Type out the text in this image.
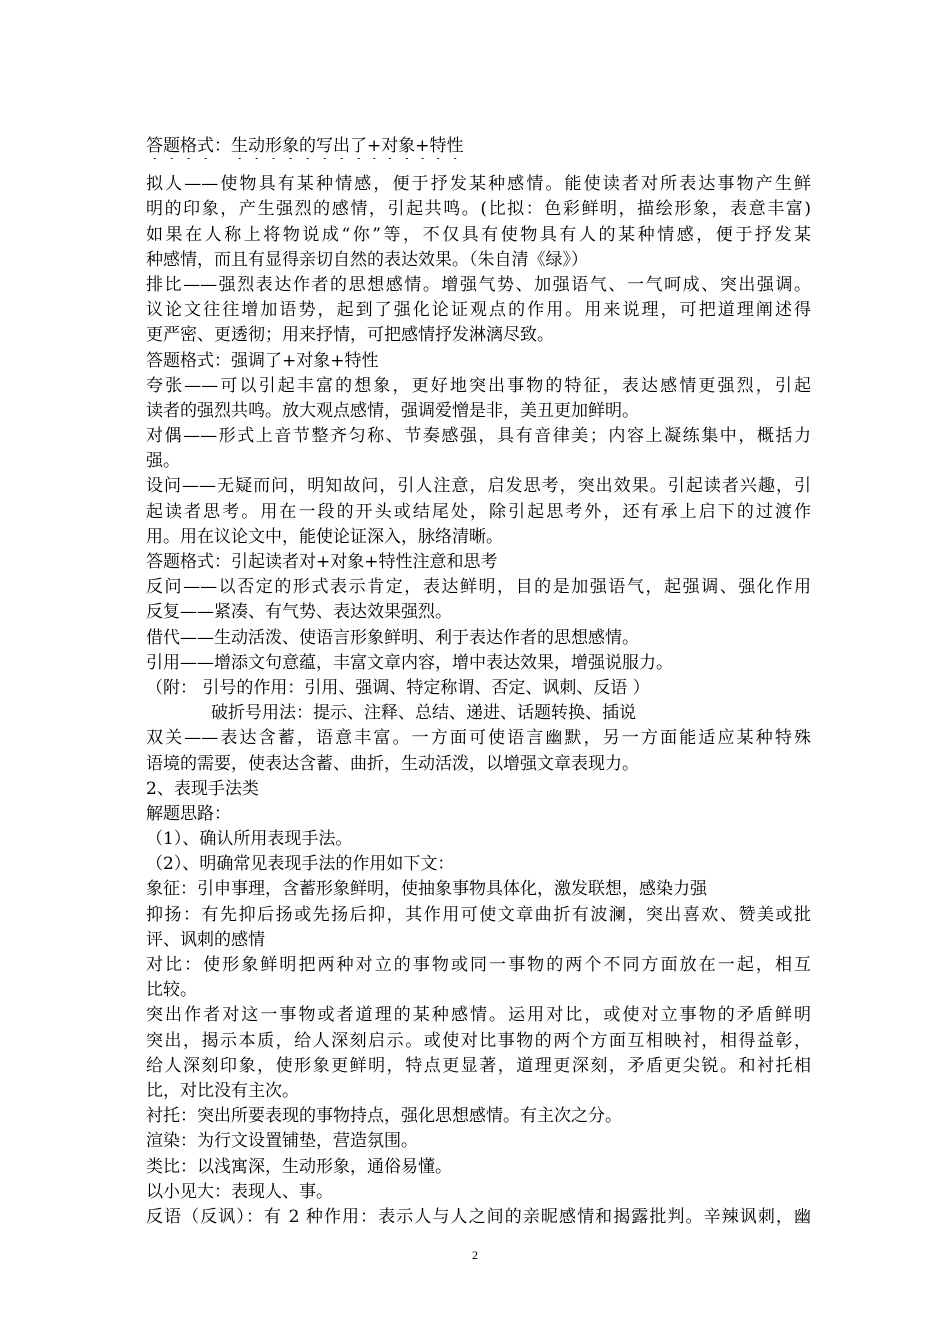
答题格式：生动形象的写出了+对象+特性
拟人——使物具有某种情感，便于抒发某种感情。能使读者对所表达事物产生鲜
明的印象，产生强烈的感情，引起共鸣。(比拟：色彩鲜明，描绘形象，表意丰富)
如果在人称上将物说成“你”等，不仅具有使物具有人的某种情感，便于抒发某
种感情，而且有显得亲切自然的表达效果。（朱自清《绿》）
排比——强烈表达作者的思想感情。增强气势、加强语气、一气呵成、突出强调。
议论文往往增加语势，起到了强化论证观点的作用。用来说理，可把道理阐述得
更严密、更透彻；用来抒情，可把感情抒发淋漓尽致。
答题格式：强调了+对象+特性
夸张——可以引起丰富的想象，更好地突出事物的特征，表达感情更强烈，引起
读者的强烈共鸣。放大观点感情，强调爱憎是非，美丑更加鲜明。
对偶——形式上音节整齐匀称、节奏感强，具有音律美；内容上凝练集中，概括力
强。
设问——无疑而问，明知故问，引人注意，启发思考，突出效果。引起读者兴趣，引
起读者思考。用在一段的开头或结尾处，除引起思考外，还有承上启下的过渡作
用。用在议论文中，能使论证深入，脉络清晰。
答题格式：引起读者对+对象+特性注意和思考
反问——以否定的形式表示肯定，表达鲜明，目的是加强语气，起强调、强化作用
反复——紧凑、有气势、表达效果强烈。
借代——生动活泼、使语言形象鲜明、利于表达作者的思想感情。
引用——增添文句意蕴，丰富文章内容，增中表达效果，增强说服力。
（附： 引号的作用：引用、强调、特定称谓、否定、讽刺、反语 ）
破折号用法：提示、注释、总结、递进、话题转换、插说
双关——表达含蓄，语意丰富。一方面可使语言幽默，另一方面能适应某种特殊
语境的需要，使表达含蓄、曲折，生动活泼，以增强文章表现力。
2、表现手法类
解题思路：
（1）、确认所用表现手法。
（2）、明确常见表现手法的作用如下文：
象征：引申事理，含蓄形象鲜明，使抽象事物具体化，激发联想，感染力强
抑扬：有先抑后扬或先扬后抑，其作用可使文章曲折有波澜，突出喜欢、赞美或批
评、讽刺的感情
对比：使形象鲜明把两种对立的事物或同一事物的两个不同方面放在一起，相互
比较。
突出作者对这一事物或者道理的某种感情。运用对比，或使对立事物的矛盾鲜明
突出，揭示本质，给人深刻启示。或使对比事物的两个方面互相映衬，相得益彰，
给人深刻印象，使形象更鲜明，特点更显著，道理更深刻，矛盾更尖锐。和衬托相
比，对比没有主次。
衬托：突出所要表现的事物持点，强化思想感情。有主次之分。
渲染：为行文设置铺垫，营造氛围。
类比：以浅寓深，生动形象，通俗易懂。
以小见大：表现人、事。
反语（反讽）：有 2 种作用：表示人与人之间的亲昵感情和揭露批判。辛辣讽刺，幽
2
